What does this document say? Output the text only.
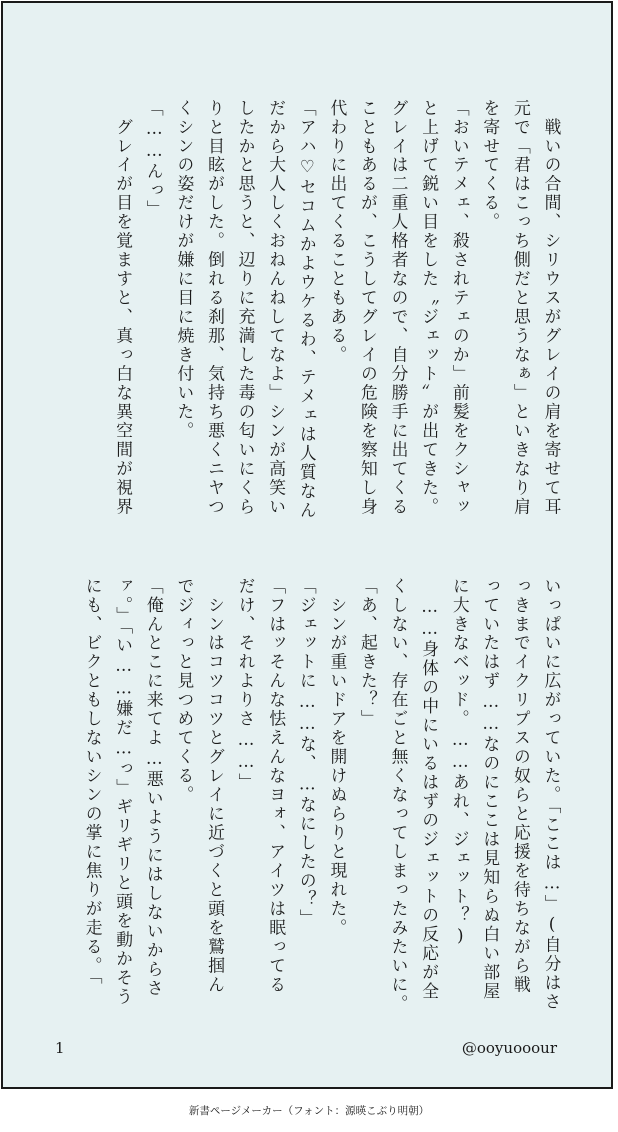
　戦いの合間、シリウスがグレイの肩を寄せて耳

元で「君はこっち側だと思うなぁ」といきなり肩

を寄せてくる。

「おいテメェ、殺されテェのか」前髪をクシャッ

と上げて鋭い目をした〝ジェット〟が出てきた。

グレイは二重人格者なので、自分勝手に出てくる

こともあるが、こうしてグレイの危険を察知し身

代わりに出てくることもある。

「アハ♡セコムかよウケるわ、テメェは人質なん

だから大人しくおねんねしてなよ」シンが高笑い

したかと思うと、辺りに充満した毒の匂いにくら

りと目眩がした。倒れる刹那、気持ち悪くニヤつ

くシンの姿だけが嫌に目に焼き付いた。

「……んっ」

　グレイが目を覚ますと、真っ白な異空間が視界

いっぱいに広がっていた。「ここは…」(自分はさ

っきまでイクリプスの奴らと応援を待ちながら戦

っていたはず……なのにここは見知らぬ白い部屋

に大きなベッド。……あれ、ジェット？)

　……身体の中にいるはずのジェットの反応が全

くしない、存在ごと無くなってしまったみたいに。

「あ、起きた？」

　シンが重いドアを開けぬらりと現れた。

「ジェットに……な、…なにしたの？」

「フはッそんな怯えんなヨォ、アイツは眠ってる

だけ、それよりさ……」

　シンはコツコツとグレイに近づくと頭を鷲掴ん

でジィっと見つめてくる。

「俺んとこに来てよ…悪いようにはしないからさ

ァ。」「い……嫌だ…っ」ギリギリと頭を動かそう

にも、ビクともしないシンの掌に焦りが走る。「

1	@ooyuooour
新書ページメーカー（フォント：源暎こぶり明朝）
